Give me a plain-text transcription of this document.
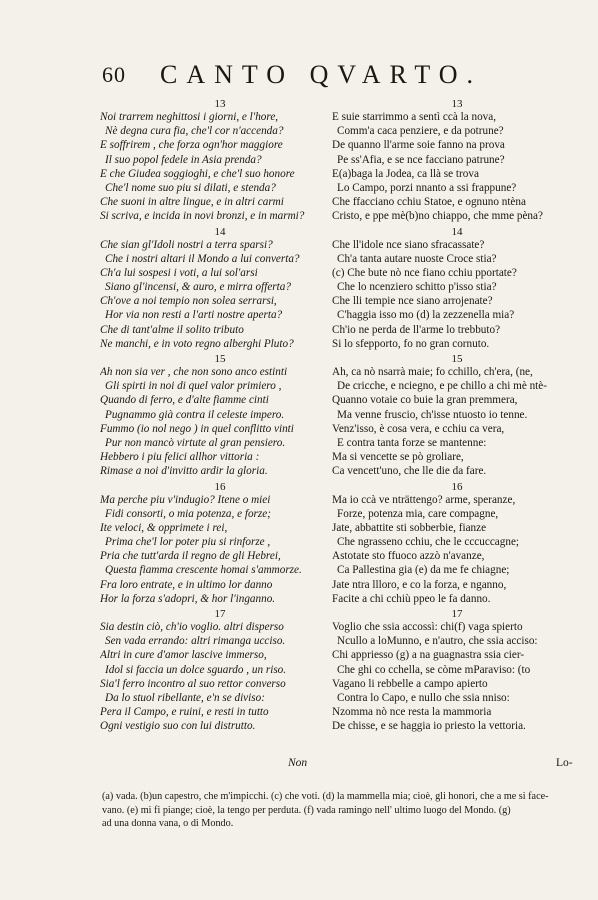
60 CANTO QVARTO.
13
Noi trarrem neghittosi i giorni, e l'hore,
Nè degna cura fia, che'l cor n'accenda?
E soffrirem , che forza ogn'hor maggiore
Il suo popol fedele in Asia prenda?
E che Giudea soggioghi, e che'l suo honore
Che'l nome suo piu si dilati, e stenda?
Che suoni in altre lingue, e in altri carmi
Si scriva, e incida in novi bronzi, e in marmi?
14
Che sian gl'Idoli nostri a terra sparsi?
Che i nostri altari il Mondo a lui converta?
Ch'a lui sospesi i voti, a lui sol'arsi
Siano gl'incensi, & auro, e mirra offerta?
Ch'ove a noi tempio non solea serrarsi,
Hor via non resti a l'arti nostre aperta?
Che di tant'alme il solito tributo
Ne manchi, e in voto regno alberghi Pluto?
15
Ah non sia ver , che non sono anco estinti
Gli spirti in noi di quel valor primiero ,
Quando di ferro, e d'alte fiamme cinti
Pugnammo già contra il celeste impero.
Fummo (io nol nego ) in quel conflitto vinti
Pur non mancò virtute al gran pensiero.
Hebbero i piu felici allhor vittoria :
Rimase a noi d'invitto ardir la gloria.
16
Ma perche piu v'indugio? Itene o miei
Fidi consorti, o mia potenza, e forze;
Ite veloci, & opprimete i rei,
Prima che'l lor poter piu si rinforze ,
Pria che tutt'arda il regno de gli Hebrei,
Questa fiamma crescente homai s'ammorze.
Fra loro entrate, e in ultimo lor danno
Hor la forza s'adopri, & hor l'inganno.
17
Sia destin ciò, ch'io voglio. altri disperso
Sen vada errando: altri rimanga ucciso.
Altri in cure d'amor lascive immerso,
Idol si faccia un dolce sguardo , un riso.
Sia'l ferro incontro al suo rettor converso
Da lo stuol ribellante, e'n se diviso:
Pera il Campo, e ruini, e resti in tutto
Ogni vestigio suo con lui distrutto.
13
E suie starrimmo a sentì ccà la nova,
Comm'a caca penziere, e da potrune?
De quanno ll'arme soie fanno na prova
Pe ss'Afia, e se nce facciano patrune?
E(a)baga la Jodea, ca llà se trova
Lo Campo, porzi nnanto a ssi frappune?
Che ffacciano cchiu Statoe, e ognuno ntèna
Cristo, e ppe mè(b)no chiappo, che mme pèna?
14
Che ll'idole nce siano sfracassate?
Ch'a tanta autare nuoste Croce stia?
(c) Che bute nò nce fiano cchiu pportate?
Che lo ncenziero schitto p'isso stia?
Che lli tempie nce siano arrojenate?
C'haggia isso mo (d) la zezzenella mia?
Ch'io ne perda de ll'arme lo trebbuto?
Si lo sfepporto, fo no gran cornuto.
15
Ah, ca nò nsarrà maie; fo cchillo, ch'era, (ne,
De cricche, e nciegno, e pe chillo a chi mè ntè-
Quanno votaie co buie la gran premmera,
Ma venne fruscio, ch'isse ntuosto io tenne.
Venz'isso, è cosa vera, e cchiu ca vera,
E contra tanta forze se mantenne:
Ma si vencette se pò groliare,
Ca vencett'uno, che lle die da fare.
16
Ma io ccà ve nträttengo? arme, speranze,
Forze, potenza mia, care compagne,
Jate, abbattite sti sobberbie, fianze
Che ngrasseno cchiu, che le cccuccagne;
Astotate sto ffuoco azzò n'avanze,
Ca Pallestina gia (e) da me fe chiagne;
Jate ntra llloro, e co la forza, e nganno,
Facite a chi cchiù ppeo le fa danno.
17
Voglio che ssia accossì: chi(f) vaga spierto
Ncullo a loMunno, e n'autro, che ssia acciso:
Chi appriesso (g) a na guagnastra ssia cier-
Che ghi co cchella, se còme mParaviso: (to
Vagano li rebbelle a campo apierto
Contra lo Capo, e nullo che ssia nniso:
Nzomma nò nce resta la mammoria
De chisse, e se haggia io priesto la vettoria.
Non	Lo-
(a) vada. (b)un capestro, che m'impicchi. (c) che voti. (d) la mammella mia; cioè, gli honori, che a me si face-
vano. (e) mi fi piange; cioè, la tengo per perduta. (f) vada ramingo nell' ultimo luogo del Mondo. (g)
ad una donna vana, o di Mondo.
